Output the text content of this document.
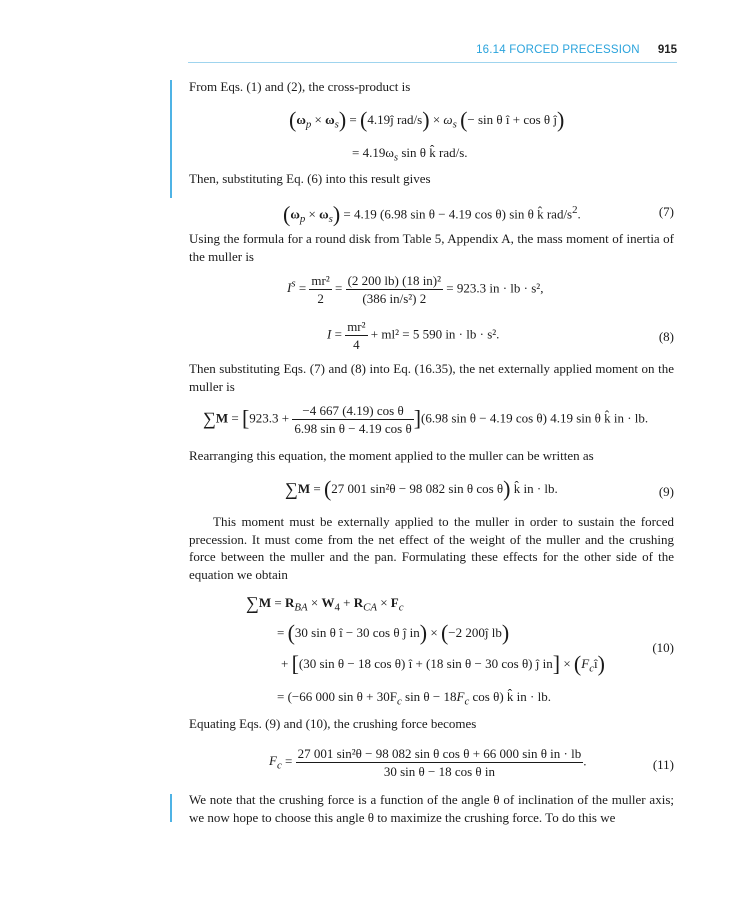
16.14 FORCED PRECESSION 915
From Eqs. (1) and (2), the cross-product is
$(\omega_p \times \omega_s)$ = (4.19ĵ $rad/s) \times \omega_s$ (− sin θ î + cos θ ĵ)
= $4.19\omega_s$ sin θ k̂ rad/s.
Then, substituting Eq. (6) into this result gives
$(\omega_p \times \omega_s) = 4.19$ (6.98 sin θ − 4.19 cos θ) sin θ k̂ rad/$s^2$.	(7)
Using the formula for a round disk from Table 5, Appendix A, the mass moment of inertia of the muller is
$I^s = \frac{\text{mr²}}{2} = \frac{\text{(2 200 lb) (18 in)²}}{\text{(386 in/s²) 2}} = 923.3$ in · lb · s²,
$I = \frac{\text{mr²}}{4} + ml^2 = 5$ 590 in · lb · s².	(8)
Then substituting Eqs. (7) and (8) into Eq. (16.35), the net externally applied moment on the muller is
$\sum M = [923.3 + \frac{\text{−4 667 (4.19) cos θ}}{\text{6.98 sin θ − 4.19 cos θ}} ](6.98$ sin θ − 4.19 cos θ) 4.19 sin θ k̂ in · lb.
Rearranging this equation, the moment applied to the muller can be written as
∑M = (27 001 sin²θ − 98 082 sin θ cos θ) k̂ in · lb.	(9)
This moment must be externally applied to the muller in order to sustain the forced precession. It must come from the net effect of the weight of the muller and the crushing force between the muller and the pan. Formulating these effects for the other side of the equation we obtain
$\sum M = R_{BA} \times W_4 + R_{CA} \times F_c$
= (30 sin θ î − 30 cos θ ĵ in) × (−2 200ĵ lb)
+ [(30 sin θ − 18 cos θ) î + (18 sin θ − 30 cos θ) ĵ $in] \times (F_cî)$
(10)
= (−66 000 $\sin \theta + 30F_c$ $\sin \theta - 18F_c$ cos θ) k̂ in · lb.
Equating Eqs. (9) and (10), the crushing force becomes
$F_c = \frac{\text{27 001 sin²θ − 98 082 sin θ cos θ + 66 000 sin θ in · lb}}{\text{30 sin θ − 18 cos θ in}}$ .	(11)
We note that the crushing force is a function of the angle θ of inclination of the muller axis; we now hope to choose this angle θ to maximize the crushing force. To do this we
